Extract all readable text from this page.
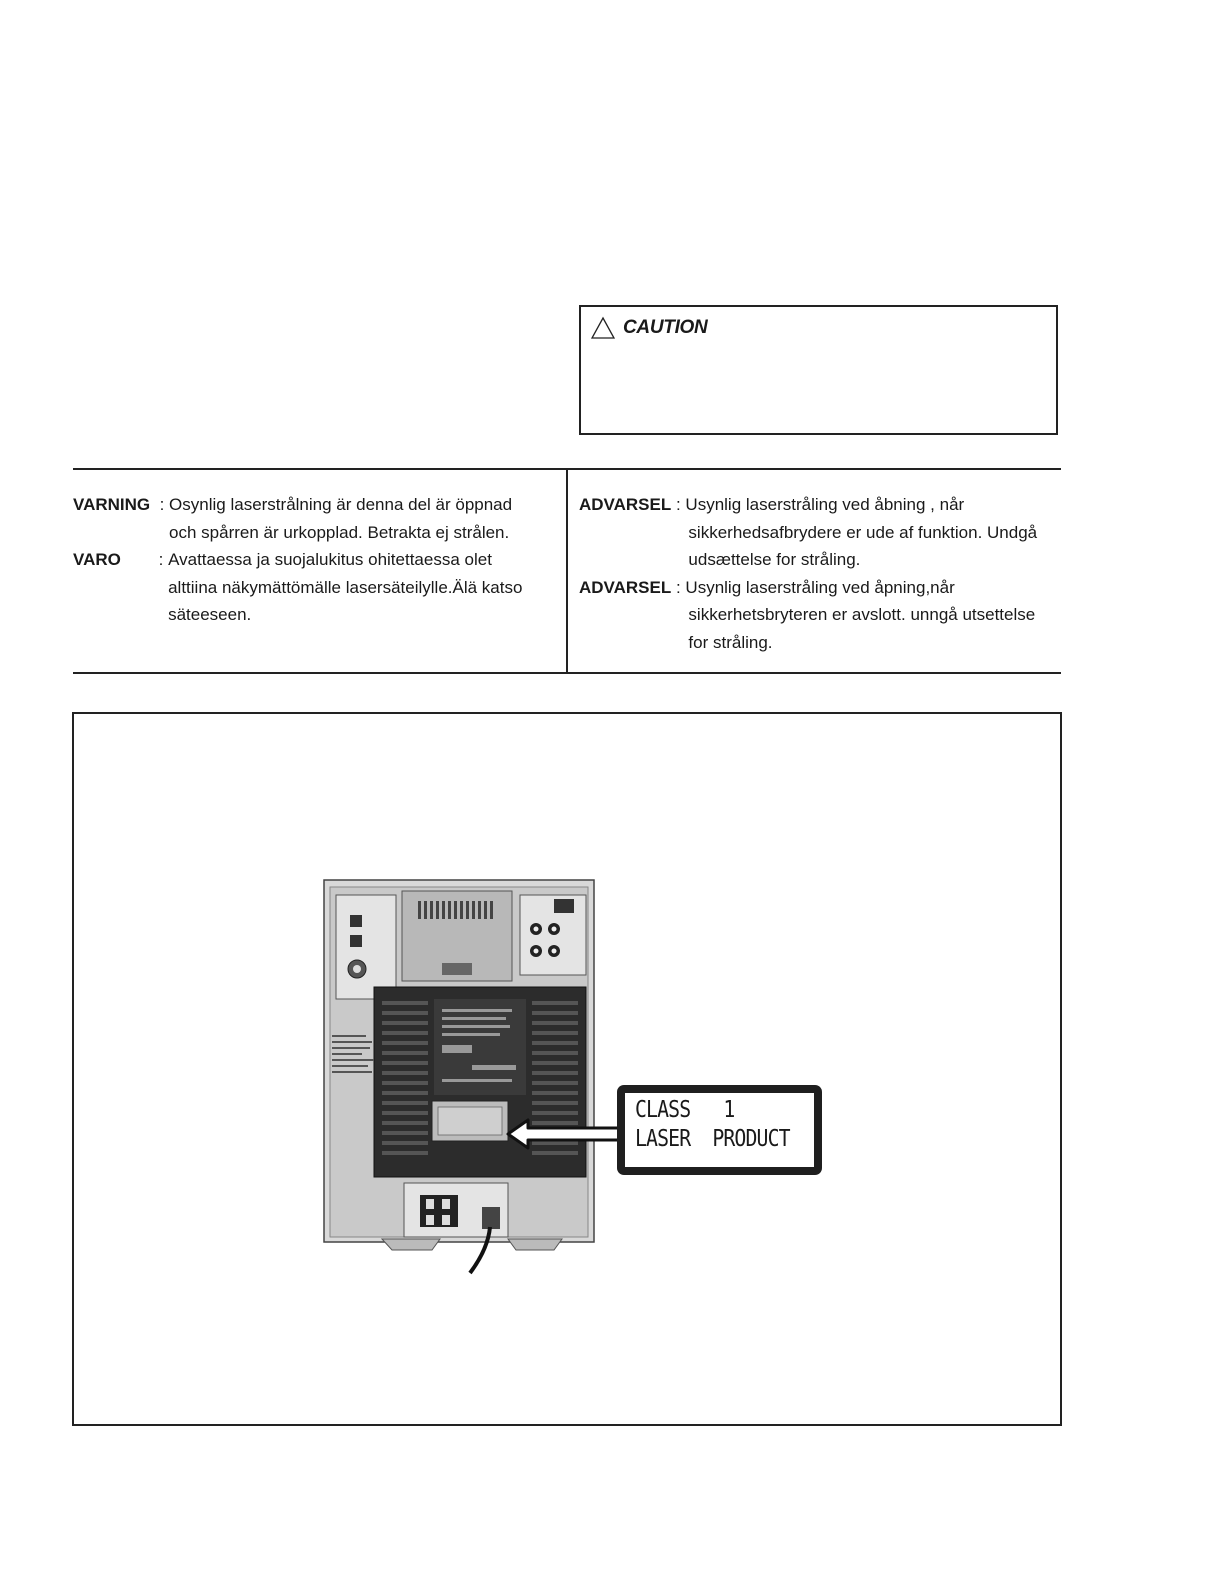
CAUTION
VARNING : Osynlig laserstrålning är denna del är öppnad
och spårren är urkopplad. Betrakta ej strålen.
VARO : Avattaessa ja suojalukitus ohitettaessa olet
alttiina näkymättömälle lasersäteilylle.Älä katso
säteeseen.
ADVARSEL : Usynlig laserstråling ved åbning , når
sikkerhedsafbrydere er ude af funktion. Undgå
udsættelse for stråling.
ADVARSEL : Usynlig laserstråling ved åpning,når
sikkerhetsbryteren er avslott. unngå utsettelse
for stråling.
CLASS   1
LASER  PRODUCT
